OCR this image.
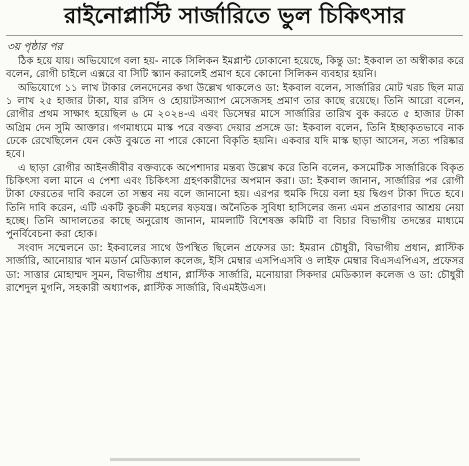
রাইনোপ্লাস্টি সার্জারিতে ভুল চিকিৎসার
৩য় পৃষ্ঠার পর

ঠিক হয়ে যায়। অভিযোগে বলা হয়- নাকে সিলিকন ইমপ্লান্ট ঢোকানো হয়েছে, কিন্তু ডা: ইকবাল তা অস্বীকার করে বলেন, রোগী চাইলে এক্সরে বা সিটি স্ক্যান করালেই প্রমাণ হবে কোনো সিলিকন ব্যবহার হয়নি।

অভিযোগে ১১ লাখ টাকার লেনদেনের কথা উল্লেখ থাকলেও ডা: ইকবাল বলেন, সার্জারির মোট খরচ ছিল মাত্র ১ লাখ ২৫ হাজার টাকা, যার রসিদ ও হোয়াটসঅ্যাপ মেসেজসহ প্রমাণ তার কাছে রয়েছে। তিনি আরো বলেন, রোগীর প্রথম সাক্ষাৎ হয়েছিল ৬ মে ২০২৪-এ এবং ডিসেম্বর মাসে সার্জারির তারিখ বুক করতে ৫ হাজার টাকা অগ্রিম দেন সুমি আক্তার। গণমাধ্যমে মাস্ক পরে বক্তব্য দেয়ার প্রসঙ্গে ডা: ইকবাল বলেন, তিনি ইচ্ছাকৃতভাবে নাক ঢেকে রেখেছিলেন যেন কেউ বুঝতে না পারে কোনো বিকৃতি হয়নি। একবার যদি মাস্ক ছাড়া আসেন, সত্য পরিষ্কার হবে।

এ ছাড়া রোগীর আইনজীবীর বক্তব্যকে অপেশাদার মন্তব্য উল্লেখ করে তিনি বলেন, কসমেটিক সার্জারিকে বিকৃত চিকিৎসা বলা মানে এ পেশা এবং চিকিৎসা গ্রহণকারীদের অপমান করা। ডা: ইকবাল জানান, সার্জারির পর রোগী টাকা ফেরতের দাবি করলে তা সম্ভব নয় বলে জানানো হয়। এরপর হুমকি দিয়ে বলা হয় দ্বিগুণ টাকা দিতে হবে। তিনি দাবি করেন, এটি একটি কুচক্রী মহলের ষড়যন্ত্র। অনৈতিক সুবিধা হাসিলের জন্য এমন প্রতারণার আশ্রয় নেয়া হচ্ছে। তিনি আদালতের কাছে অনুরোধ জানান, মামলাটি বিশেষজ্ঞ কমিটি বা বিচার বিভাগীয় তদন্তের মাধ্যমে পুনর্বিবেচনা করা হোক।

সংবাদ সম্মেলনে ডা: ইকবালের সাথে উপস্থিত ছিলেন প্রফেসর ডা: ইমরান চৌধুরী, বিভাগীয় প্রধান, প্লাস্টিক সার্জারি, আনোয়ার খান মডার্ন মেডিক্যাল কলেজ, ইসি মেম্বার এসপিএসবি ও লাইফ মেম্বার বিএসএপিএস, প্রফেসর ডা: সাত্তার মোহাম্মদ সুমন, বিভাগীয় প্রধান, প্লাস্টিক সার্জারি, মনোয়ারা সিকদার মেডিক্যাল কলেজ ও ডা: চৌধুরী রাশেদুল মুগনি, সহকারী অধ্যাপক, প্লাস্টিক সার্জারি, বিএমইউএস।
